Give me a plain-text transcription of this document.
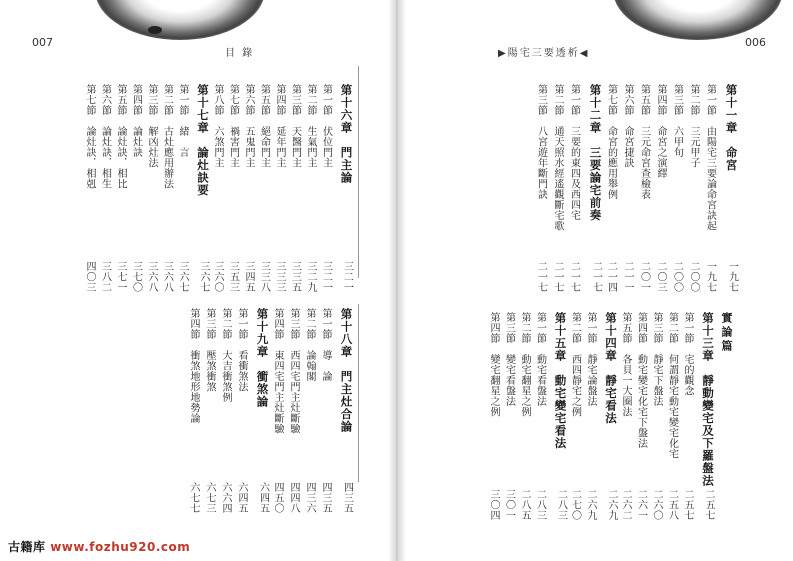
007
目 錄
第十六章　門主論
三二一
第一節　伏位門主
三二一
第二節　生氣門主
三二九
第三節　天醫門主
三三五
第四節　延年門主
三三三
第五節　絕命門主
三三八
第六節　五鬼門主
三四五
第七節　禍害門主
三五三
第八節　六煞門主
三六〇
第十七章　論灶訣要
三六七
第一節　緒　言
三六七
第二節　古灶應用辦法
三六八
第三節　解凶灶法
三六八
第四節　論灶訣
三七〇
第五節　論灶訣．相比
三七一
第六節　論灶訣．相生
三八二
第七節　論灶訣．相剋
四〇三
第十八章　門主灶合論
四三五
第一節　導　論
四三五
第二節　論翰閣
四三六
第三節　西四宅門主灶斷驗
四四八
第四節　東四宅門主灶斷驗
四五〇
第十九章　衝煞論
六四五
第一節　看衝煞法
六四五
第二節　大吉衝煞例
六六四
第三節　壓煞衝煞
六七三
第四節　衝煞地形地勢論
六七七
006
▶陽宅三要透析◀
第十一章　命宮
一九七
第一節　由陽宅三要論命宮訣起
一九七
第二節　三元甲子
二〇〇
第三節　六甲旬
二〇〇
第四節　命宮之演繹
二〇三
第五節　三元命宮查檢表
二〇一
第六節　命宮捷訣
二一一
第七節　命宮的應用舉例
二一四
第十二章　三要論宅前奏
二一七
第一節　三要的東四及西四宅
二一七
第二節　通天照水經遙觀斷宅歌
二一七
第三節　八宮遊年斷門訣
二一七
實論篇
第十三章　靜動變宅及下羅盤法
二五七
第一節　宅的觀念
二五七
第二節　何謂靜宅動宅變宅化宅
二五八
第三節　靜宅下盤法
二六〇
第四節　動宅變宅化宅下盤法
二六一
第五節　各貝一大圈法
二六二
第十四章　靜宅看法
二六九
第一節　靜宅論盤法
二六九
第二節　西四靜宅之例
二七〇
第十五章　動宅變宅看法
二八三
第一節　動宅看盤法
二八三
第二節　動宅翻星之例
二八五
第三節　變宅看盤法
三〇一
第四節　變宅翻星之例
三〇四
古籍库 www.fozhu920.com
